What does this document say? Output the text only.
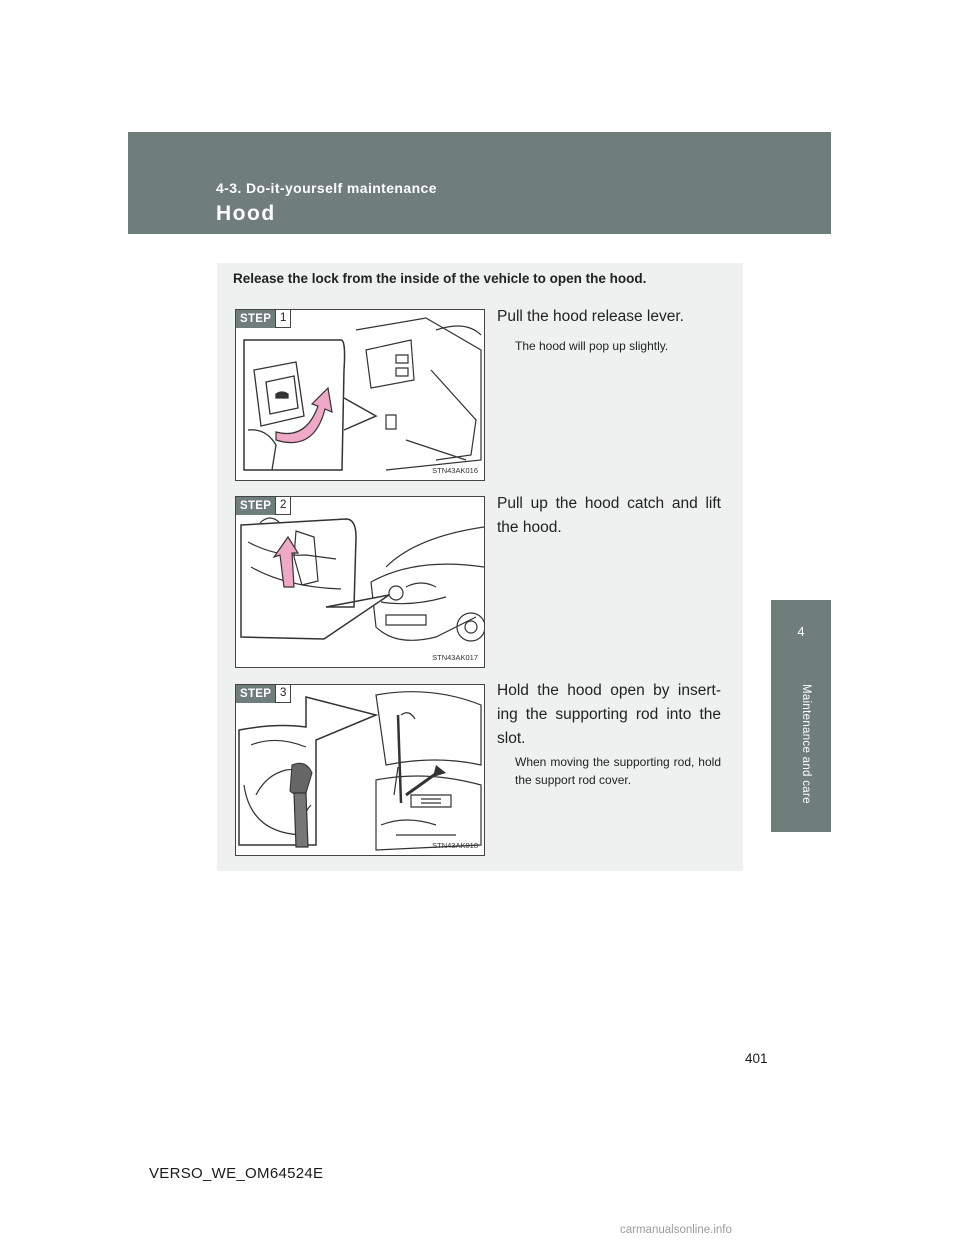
4-3. Do-it-yourself maintenance
Hood
4
Maintenance and care
Release the lock from the inside of the vehicle to open the hood.
STEP 1
STN43AK016
Pull the hood release lever.
The hood will pop up slightly.
STEP 2
STN43AK017
Pull up the hood catch and lift the hood.
STEP 3
STN43AK018
Hold the hood open by insert-ing the supporting rod into the slot.
When moving the supporting rod, hold the support rod cover.
401
VERSO_WE_OM64524E
carmanualsonline.info
